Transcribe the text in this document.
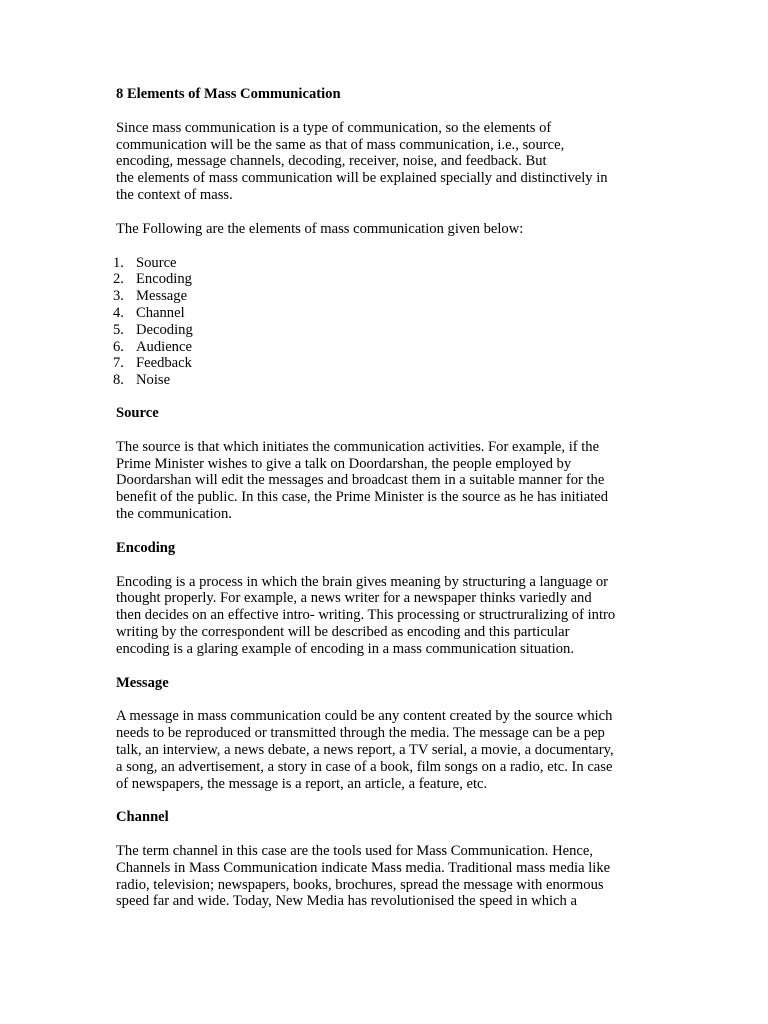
8 Elements of Mass Communication

Since mass communication is a type of communication, so the elements of
communication will be the same as that of mass communication, i.e., source,
encoding, message channels, decoding, receiver, noise, and feedback. But
the elements of mass communication will be explained specially and distinctively in
the context of mass.

The Following are the elements of mass communication given below:

1 .	Source
2 .	Encoding
3 .	Message
4 .	Channel
5 .	Decoding
6 .	Audience
7 .	Feedback
8 .	Noise
Source

The source is that which initiates the communication activities. For example, if the
Prime Minister wishes to give a talk on Doordarshan, the people employed by
Doordarshan will edit the messages and broadcast them in a suitable manner for the
benefit of the public. In this case, the Prime Minister is the source as he has initiated
the communication.

Encoding

Encoding is a process in which the brain gives meaning by structuring a language or
thought properly. For example, a news writer for a newspaper thinks variedly and
then decides on an effective intro- writing. This processing or structruralizing of intro
writing by the correspondent will be described as encoding and this particular
encoding is a glaring example of encoding in a mass communication situation.

Message

A message in mass communication could be any content created by the source which
needs to be reproduced or transmitted through the media. The message can be a pep
talk, an interview, a news debate, a news report, a TV serial, a movie, a documentary,
a song, an advertisement, a story in case of a book, film songs on a radio, etc. In case
of newspapers, the message is a report, an article, a feature, etc.

Channel

The term channel in this case are the tools used for Mass Communication. Hence,
Channels in Mass Communication indicate Mass media. Traditional mass media like
radio, television; newspapers, books, brochures, spread the message with enormous
speed far and wide. Today, New Media has revolutionised the speed in which a
